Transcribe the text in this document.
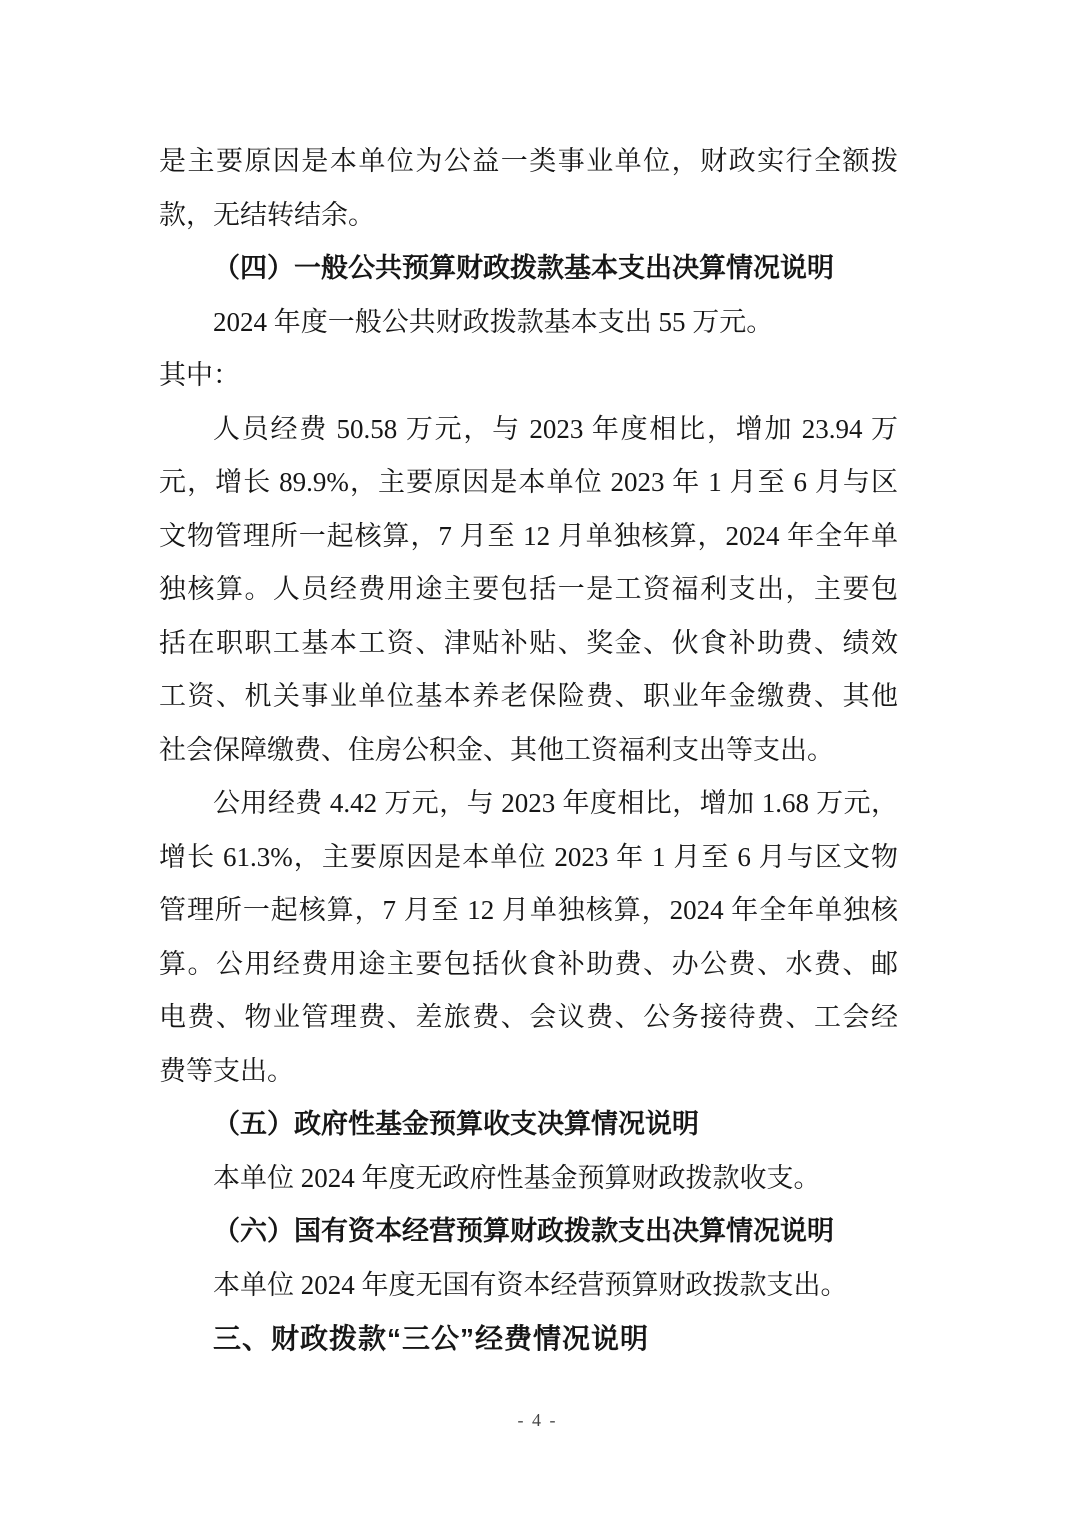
是主要原因是本单位为公益一类事业单位，财政实行全额拨
款，无结转结余。
（四）一般公共预算财政拨款基本支出决算情况说明
2024 年度一般公共财政拨款基本支出 55 万元。
其中：
人员经费 50.58 万元，与 2023 年度相比，增加 23.94 万
元，增长 89.9%，主要原因是本单位 2023 年 1 月至 6 月与区
文物管理所一起核算，7 月至 12 月单独核算，2024 年全年单
独核算。人员经费用途主要包括一是工资福利支出，主要包
括在职职工基本工资、津贴补贴、奖金、伙食补助费、绩效
工资、机关事业单位基本养老保险费、职业年金缴费、其他
社会保障缴费、住房公积金、其他工资福利支出等支出。
公用经费 4.42 万元，与 2023 年度相比，增加 1.68 万元，
增长 61.3%，主要原因是本单位 2023 年 1 月至 6 月与区文物
管理所一起核算，7 月至 12 月单独核算，2024 年全年单独核
算。公用经费用途主要包括伙食补助费、办公费、水费、邮
电费、物业管理费、差旅费、会议费、公务接待费、工会经
费等支出。
（五）政府性基金预算收支决算情况说明
本单位 2024 年度无政府性基金预算财政拨款收支。
（六）国有资本经营预算财政拨款支出决算情况说明
本单位 2024 年度无国有资本经营预算财政拨款支出。
三、财政拨款“三公”经费情况说明
- 4 -
